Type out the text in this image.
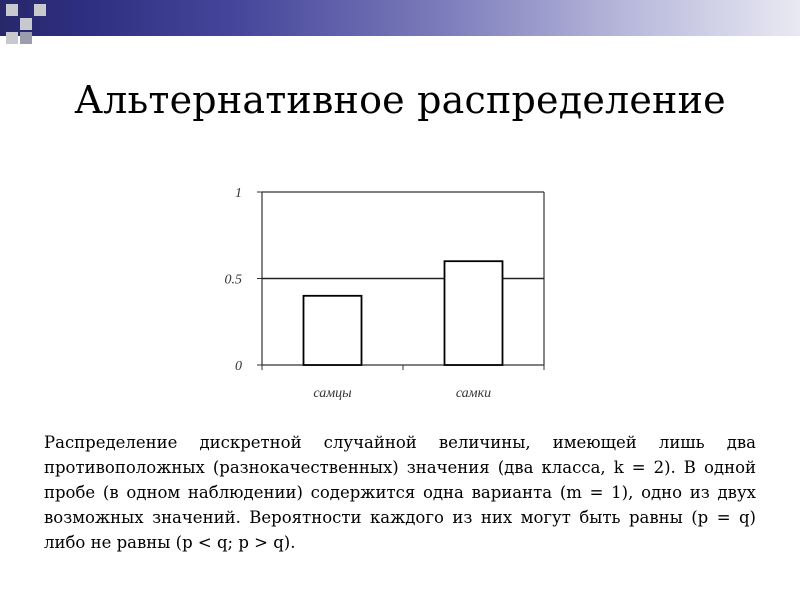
Альтернативное распределение
0
0.5
1
самцы	самки
Распределение дискретной случайной величины, имеющей лишь два противоположных (разнокачественных) значения (два класса, k = 2). В одной пробе (в одном наблюдении) содержится одна варианта (m = 1), одно из двух возможных значений. Вероятности каждого из них могут быть равны (p = q) либо не равны (p < q; p > q).
